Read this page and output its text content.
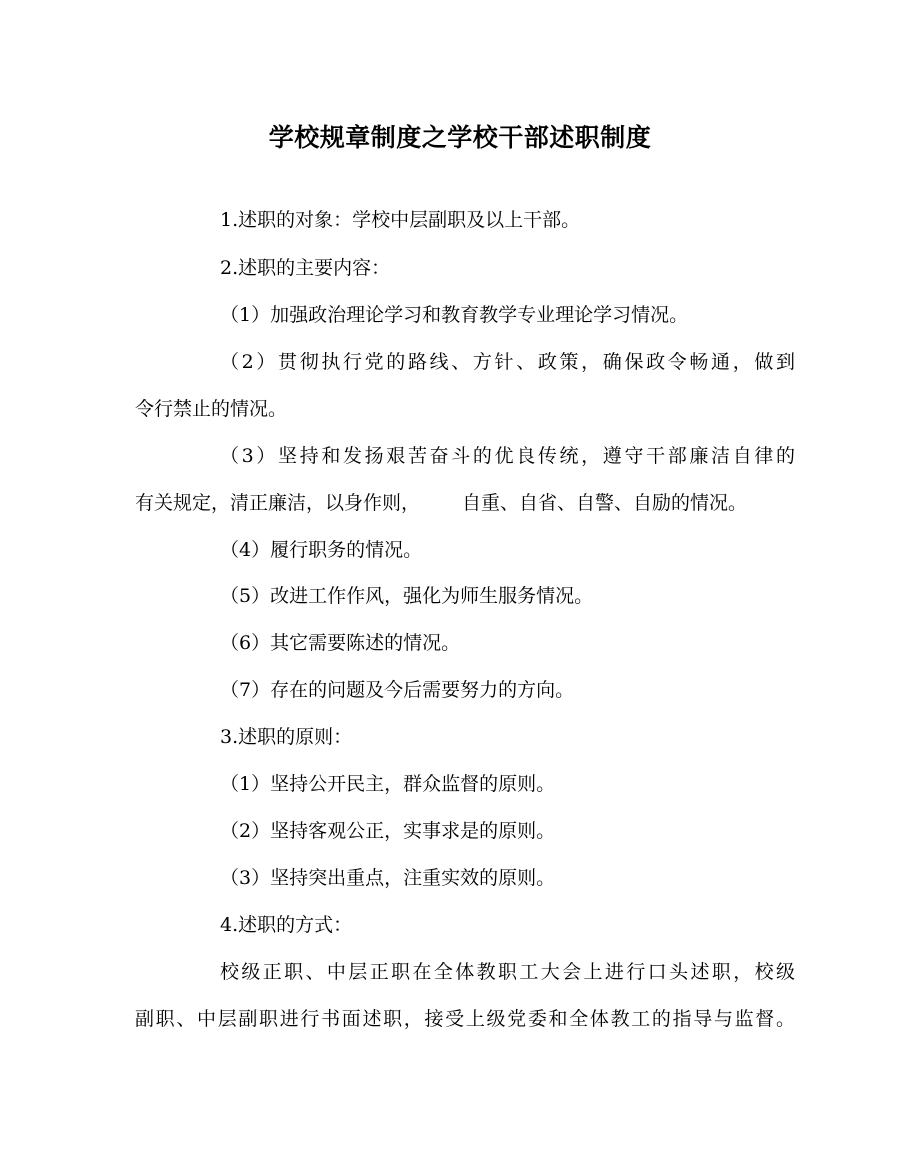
学校规章制度之学校干部述职制度
1.述职的对象：学校中层副职及以上干部。
2.述职的主要内容：
（1）加强政治理论学习和教育教学专业理论学习情况。
（2）贯彻执行党的路线、方针、政策，确保政令畅通，做到
令行禁止的情况。
（3）坚持和发扬艰苦奋斗的优良传统，遵守干部廉洁自律的
有关规定，清正廉洁，以身作则， 自重、自省、自警、自励的情况。
（4）履行职务的情况。
（5）改进工作作风，强化为师生服务情况。
（6）其它需要陈述的情况。
（7）存在的问题及今后需要努力的方向。
3.述职的原则：
（1）坚持公开民主，群众监督的原则。
（2）坚持客观公正，实事求是的原则。
（3）坚持突出重点，注重实效的原则。
4.述职的方式：
校级正职、中层正职在全体教职工大会上进行口头述职，校级
副职、中层副职进行书面述职，接受上级党委和全体教工的指导与监督。
